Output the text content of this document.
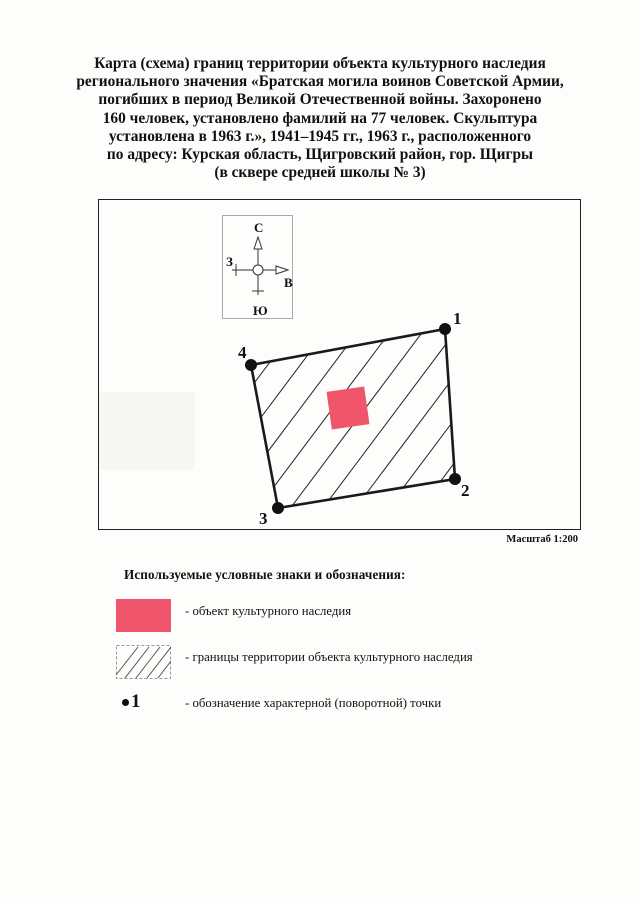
Карта (схема) границ территории объекта культурного наследия
регионального значения «Братская могила воинов Советской Армии,
погибших в период Великой Отечественной войны. Захоронено
160 человек, установлено фамилий на 77 человек. Скульптура
установлена в 1963 г.», 1941–1945 гг., 1963 г., расположенного
по адресу: Курская область, Щигровский район, гор. Щигры
(в сквере средней школы № 3)
1
2
3
4
С
В
Ю
З
Масштаб 1:200
Используемые условные знаки и обозначения:
- объект культурного наследия
- границы территории объекта культурного наследия
1	- обозначение характерной (поворотной) точки
